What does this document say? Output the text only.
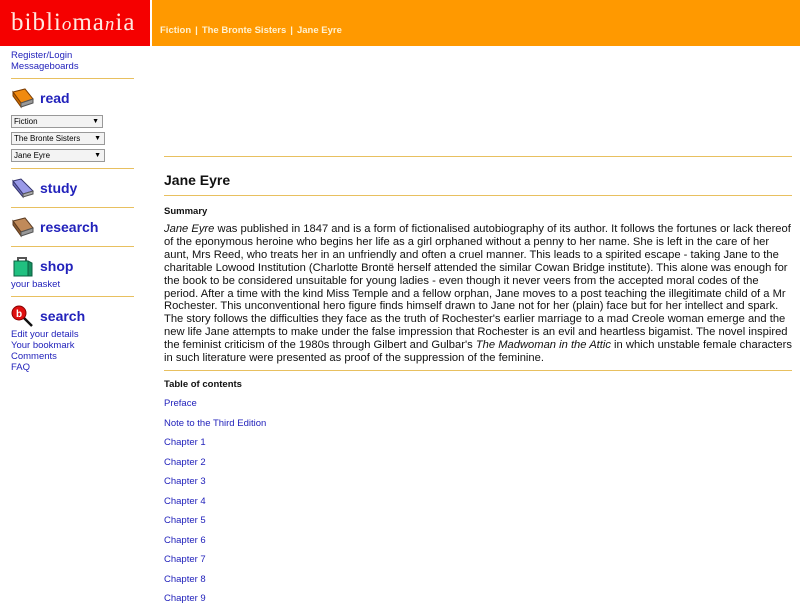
bibliomania	Fiction | The Bronte Sisters | Jane Eyre
Register/Login
Messageboards
read
Fiction	▼
The Bronte Sisters ▼
Jane Eyre	▼
study
research
shop
your basket
b search
Edit your details
Your bookmark
Comments
FAQ
Jane Eyre
Summary
Jane Eyre was published in 1847 and is a form of fictionalised autobiography of its author. It follows the fortunes or lack thereof of the eponymous heroine who begins her life as a girl orphaned without a penny to her name. She is left in the care of her aunt, Mrs Reed, who treats her in an unfriendly and often a cruel manner. This leads to a spirited escape - taking Jane to the charitable Lowood Institution (Charlotte Brontë herself attended the similar Cowan Bridge institute). This alone was enough for the book to be considered unsuitable for young ladies - even though it never veers from the accepted moral codes of the period. After a time with the kind Miss Temple and a fellow orphan, Jane moves to a post teaching the illegitimate child of a Mr Rochester. This unconventional hero figure finds himself drawn to Jane not for her (plain) face but for her intellect and spark. The story follows the difficulties they face as the truth of Rochester's earlier marriage to a mad Creole woman emerge and the new life Jane attempts to make under the false impression that Rochester is an evil and heartless bigamist. The novel inspired the feminist criticism of the 1980s through Gilbert and Gulbar's The Madwoman in the Attic in which unstable female characters in such literature were presented as proof of the suppression of the feminine.
Table of contents
Preface
Note to the Third Edition
Chapter 1
Chapter 2
Chapter 3
Chapter 4
Chapter 5
Chapter 6
Chapter 7
Chapter 8
Chapter 9
